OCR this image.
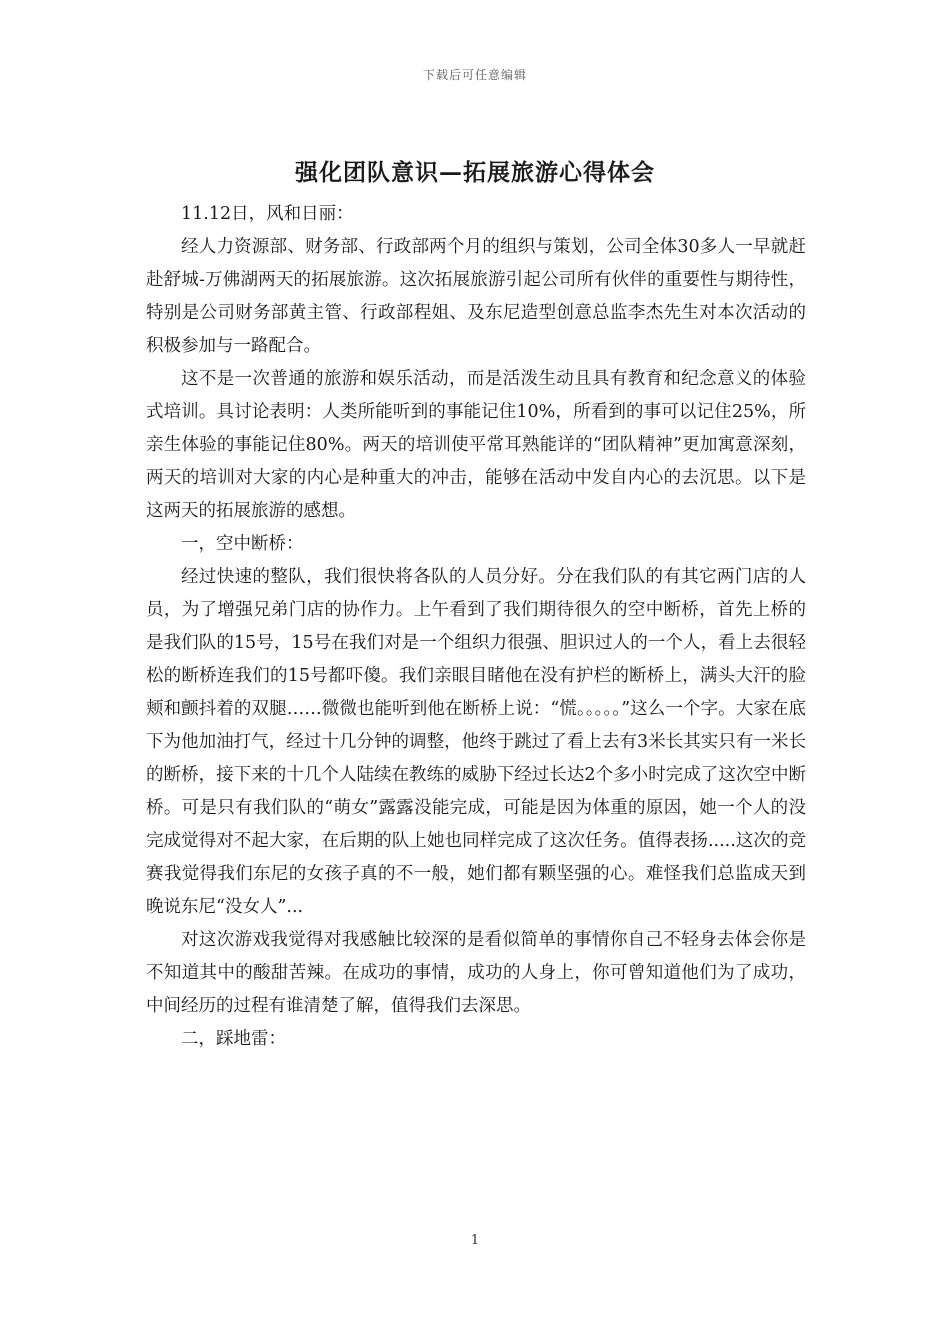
下载后可任意编辑
强化团队意识—拓展旅游心得体会

11.12日，风和日丽：

经人力资源部、财务部、行政部两个月的组织与策划，公司全体30多人一早就赶赴舒城-万佛湖两天的拓展旅游。这次拓展旅游引起公司所有伙伴的重要性与期待性，特别是公司财务部黄主管、行政部程姐、及东尼造型创意总监李杰先生对本次活动的积极参加与一路配合。

这不是一次普通的旅游和娱乐活动，而是活泼生动且具有教育和纪念意义的体验式培训。具讨论表明：人类所能听到的事能记住10%，所看到的事可以记住25%，所亲生体验的事能记住80%。两天的培训使平常耳熟能详的“团队精神”更加寓意深刻，两天的培训对大家的内心是种重大的冲击，能够在活动中发自内心的去沉思。以下是这两天的拓展旅游的感想。

一，空中断桥：

经过快速的整队，我们很快将各队的人员分好。分在我们队的有其它两门店的人员，为了增强兄弟门店的协作力。上午看到了我们期待很久的空中断桥，首先上桥的是我们队的15号，15号在我们对是一个组织力很强、胆识过人的一个人，看上去很轻松的断桥连我们的15号都吓傻。我们亲眼目睹他在没有护栏的断桥上，满头大汗的脸颊和颤抖着的双腿……微微也能听到他在断桥上说：“慌。。。。。”这么一个字。大家在底下为他加油打气，经过十几分钟的调整，他终于跳过了看上去有3米长其实只有一米长的断桥，接下来的十几个人陆续在教练的威胁下经过长达2个多小时完成了这次空中断桥。可是只有我们队的“萌女”露露没能完成，可能是因为体重的原因，她一个人的没完成觉得对不起大家，在后期的队上她也同样完成了这次任务。值得表扬.....这次的竞赛我觉得我们东尼的女孩子真的不一般，她们都有颗坚强的心。难怪我们总监成天到晚说东尼“没女人”...

对这次游戏我觉得对我感触比较深的是看似简单的事情你自己不轻身去体会你是不知道其中的酸甜苦辣。在成功的事情，成功的人身上，你可曾知道他们为了成功，中间经历的过程有谁清楚了解，值得我们去深思。

二，踩地雷：

1
